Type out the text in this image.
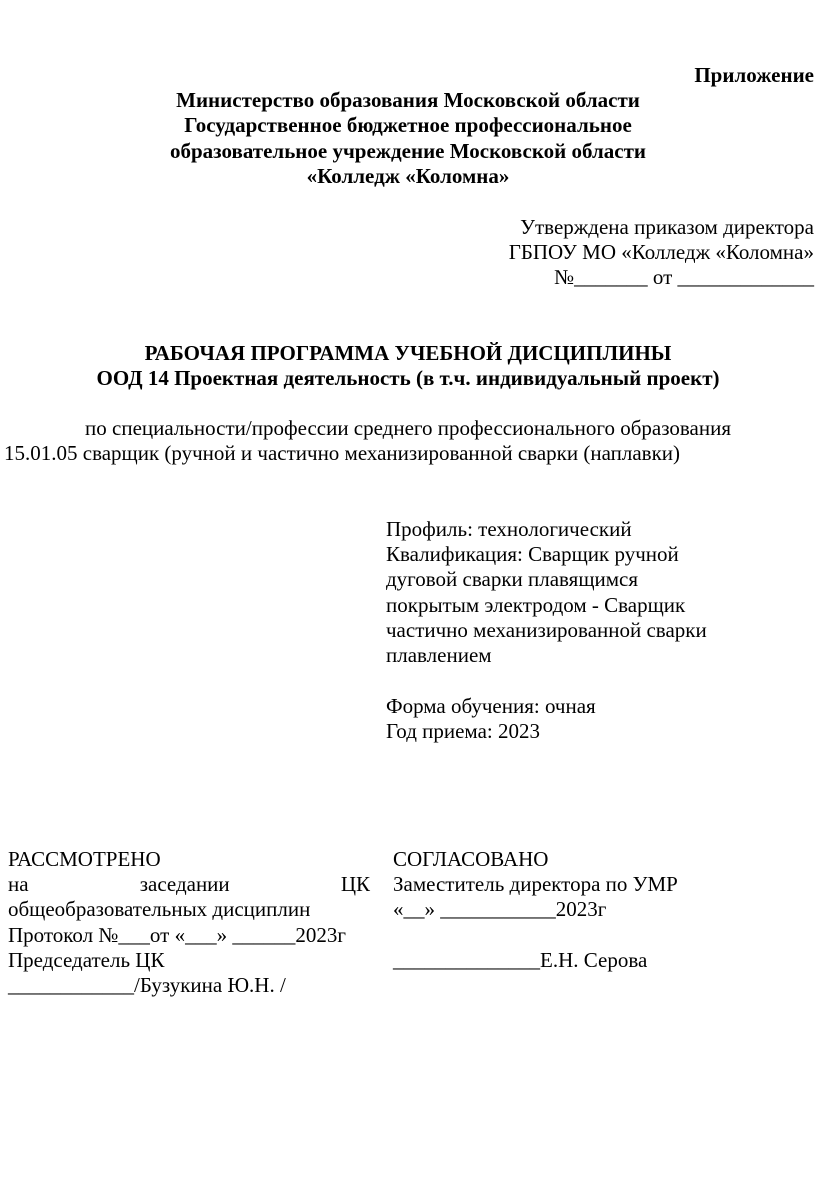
Приложение
Министерство образования Московской области
Государственное бюджетное профессиональное
образовательное учреждение Московской области
«Колледж «Коломна»
Утверждена приказом директора
ГБПОУ МО «Колледж «Коломна»
№_______ от _____________
РАБОЧАЯ ПРОГРАММА УЧЕБНОЙ ДИСЦИПЛИНЫ
ООД 14 Проектная деятельность (в т.ч. индивидуальный проект)
по специальности/профессии среднего профессионального образования
15.01.05 сварщик (ручной и частично механизированной сварки (наплавки)
Профиль: технологический
Квалификация: Сварщик ручной
дуговой сварки плавящимся
покрытым электродом - Сварщик
частично механизированной сварки
плавлением
Форма обучения: очная
Год приема: 2023
РАССМОТРЕНО
на	заседании	ЦК
общеобразовательных дисциплин
Протокол №___от «___» ______2023г
Председатель ЦК
____________/Бузукина Ю.Н. /
СОГЛАСОВАНО
Заместитель директора по УМР
«__» ___________2023г
______________Е.Н. Серова
